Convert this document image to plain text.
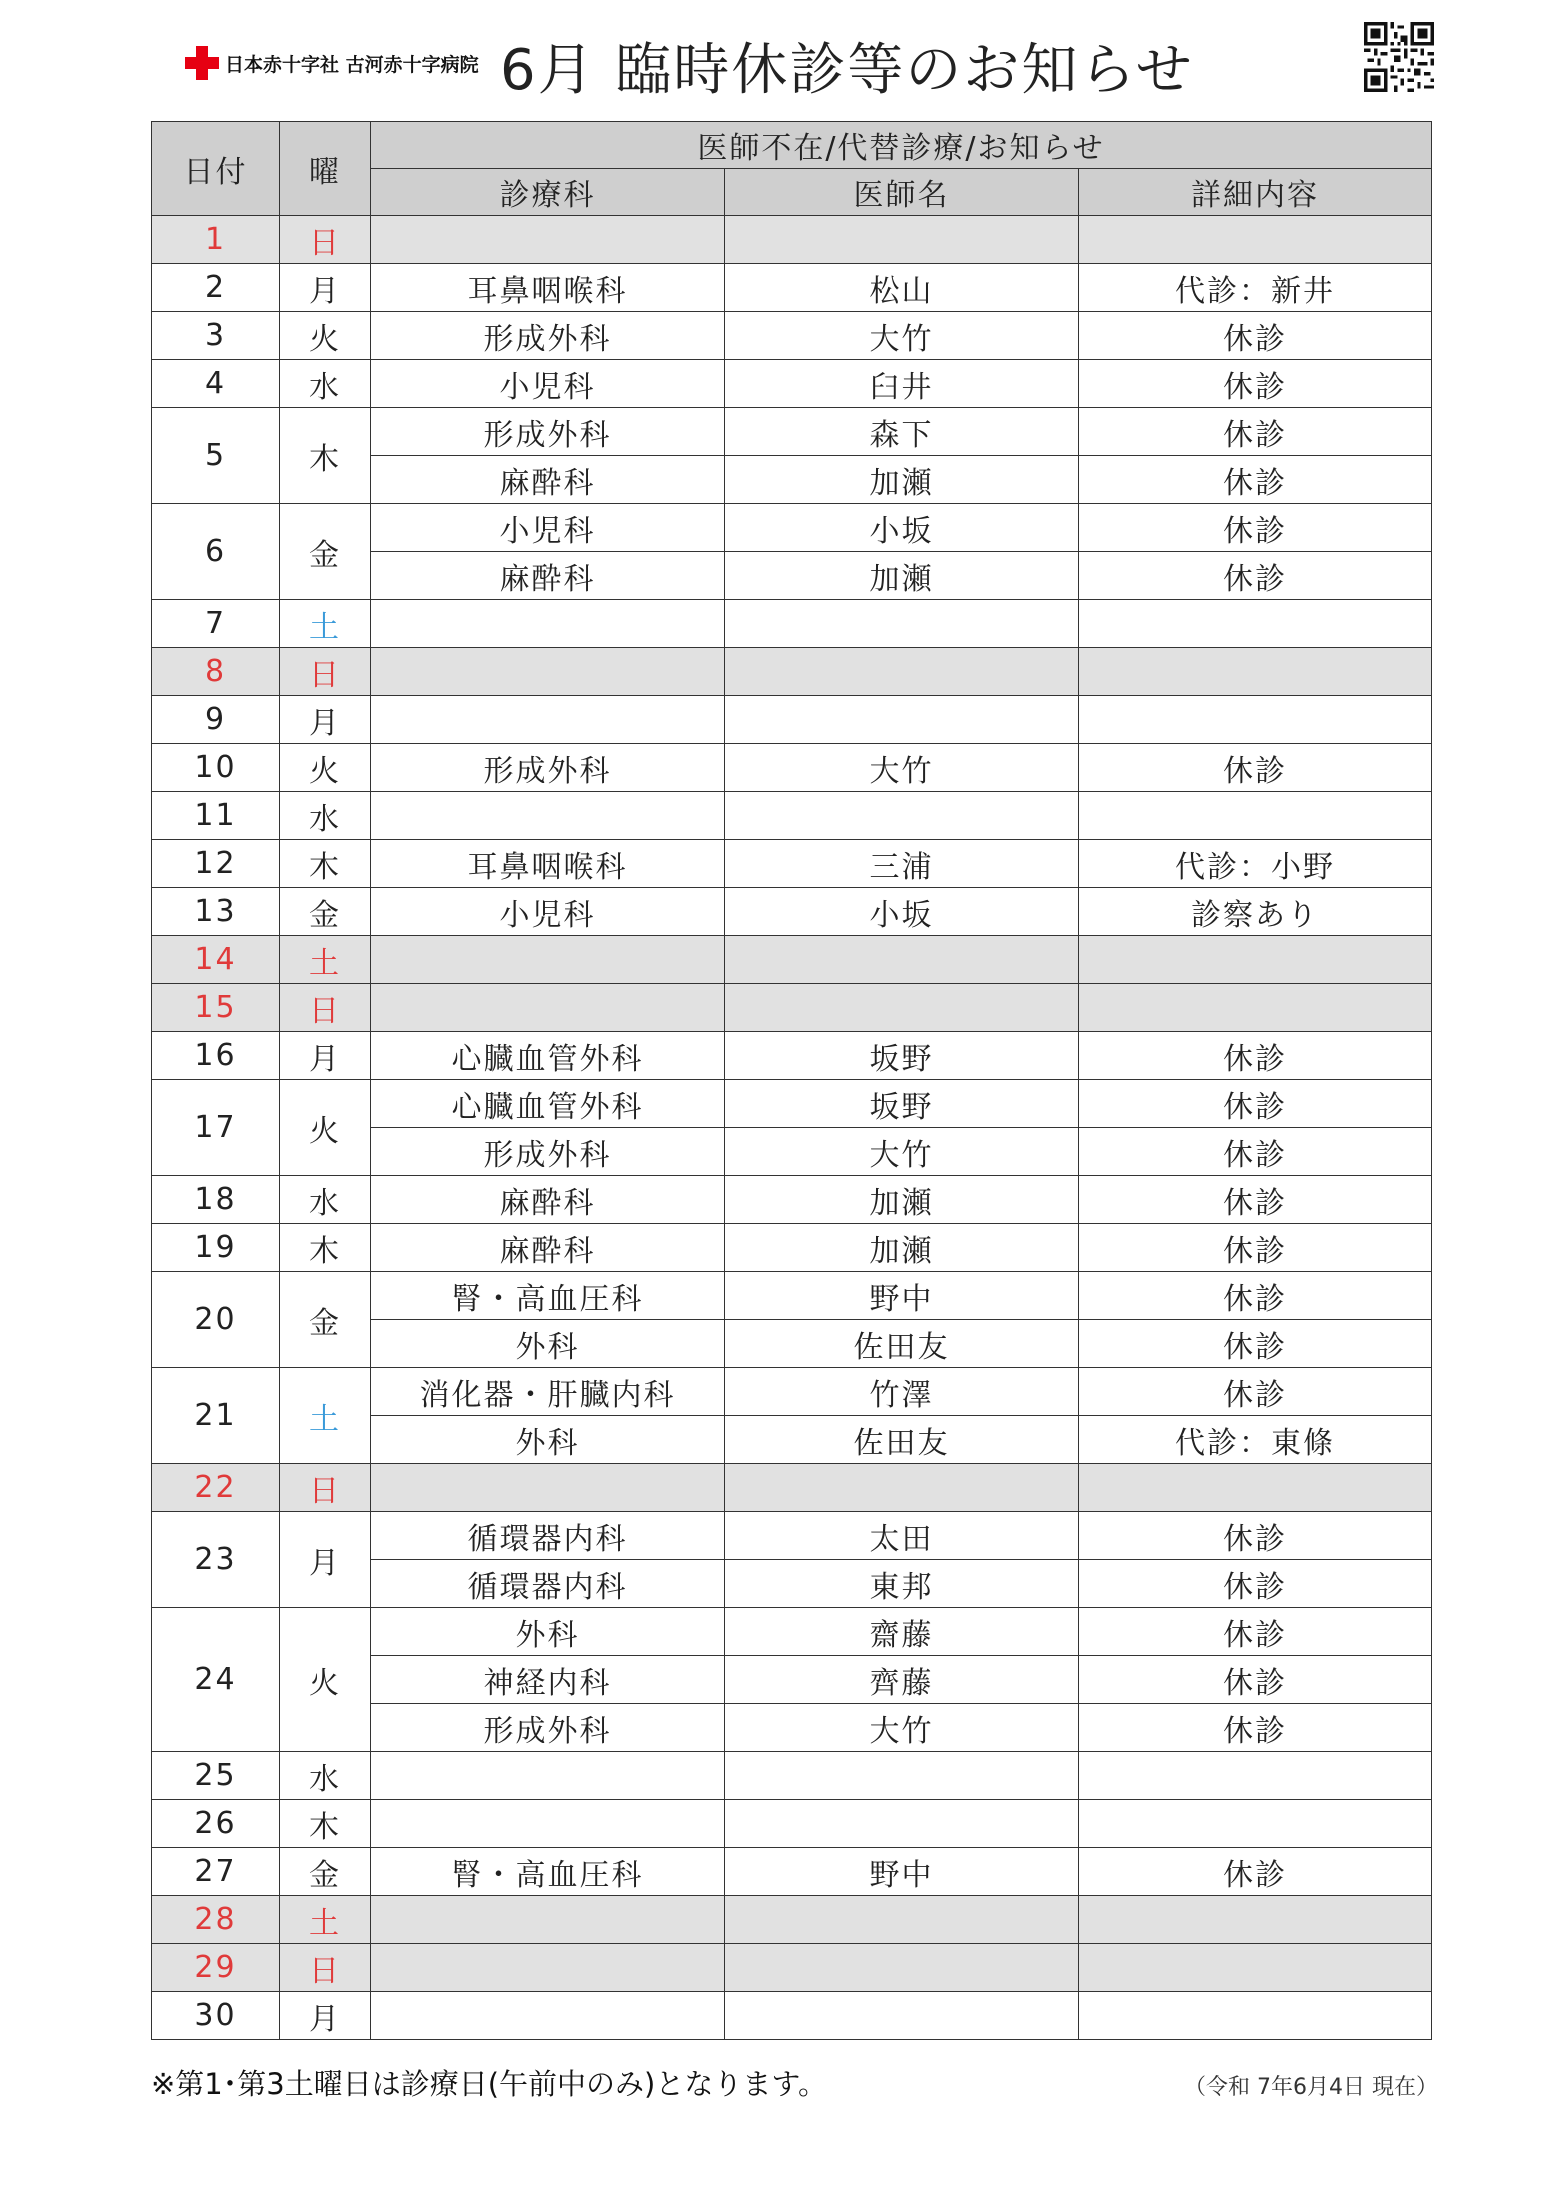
日本赤十字社 古河赤十字病院 6月 臨時休診等のお知らせ
日付	曜	医師不在/代替診療/お知らせ		
		診療科	医師名	詳細内容
1	日			
2	月	耳鼻咽喉科	松山	代診：新井
3	火	形成外科	大竹	休診
4	水	小児科	臼井	休診
5	木	形成外科	森下	休診
		麻酔科	加瀬	休診
6	金	小児科	小坂	休診
		麻酔科	加瀬	休診
7	土			
8	日			
9	月			
10	火	形成外科	大竹	休診
11	水			
12	木	耳鼻咽喉科	三浦	代診：小野
13	金	小児科	小坂	診察あり
14	土			
15	日			
16	月	心臓血管外科	坂野	休診
17	火	心臓血管外科	坂野	休診
		形成外科	大竹	休診
18	水	麻酔科	加瀬	休診
19	木	麻酔科	加瀬	休診
20	金	腎・高血圧科	野中	休診
		外科	佐田友	休診
21	土	消化器・肝臓内科	竹澤	休診
		外科	佐田友	代診：東條
22	日			
23	月	循環器内科	太田	休診
		循環器内科	東邦	休診
24	火	外科	齋藤	休診
		神経内科	齊藤	休診
		形成外科	大竹	休診
25	水			
26	木			
27	金	腎・高血圧科	野中	休診
28	土			
29	日			
30	月			
※第1･第3土曜日は診療日(午前中のみ)となります。	（令和 7年6月4日 現在）
